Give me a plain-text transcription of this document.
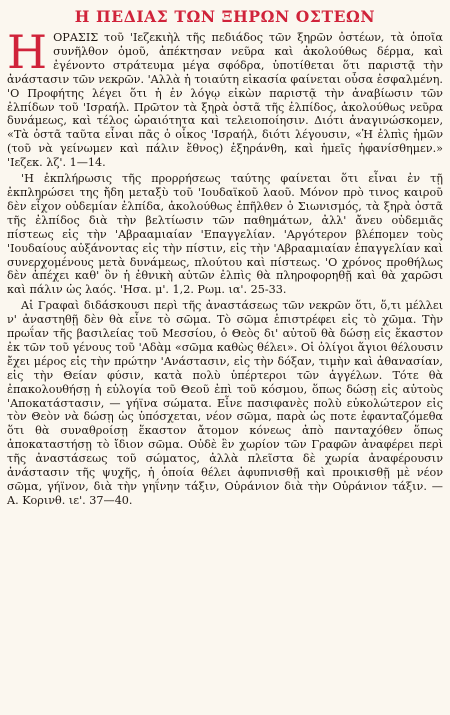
Η ΠΕΔΙΑΣ ΤΩΝ ΞΗΡΩΝ ΟΣΤΕΩΝ
Η ΟΡΑΣΙΣ τοῦ 'Ιεζεκιὴλ τῆς πεδιάδος τῶν ξηρῶν ὀστέων, τὰ ὁποῖα συνῆλθον ὁμοῦ, ἀπέκτησαν νεῦρα καὶ ἀκολούθως δέρμα, καὶ ἐγένοντο στράτευμα μέγα σφόδρα, ὑποτίθεται ὅτι παριστᾷ τὴν ἀνάστασιν τῶν νεκρῶν. 'Αλλὰ ἡ τοιαύτη εἰκασία φαίνεται οὖσα ἐσφαλμένη. 'Ο Προφήτης λέγει ὅτι ἡ ἐν λόγῳ εἰκὼν παριστᾷ τὴν ἀναβίωσιν τῶν ἐλπίδων τοῦ 'Ισραήλ. Πρῶτον τὰ ξηρὰ ὀστᾶ τῆς ἐλπίδος, ἀκολούθως νεῦρα δυνάμεως, καὶ τέλος ὡραιότητα καὶ τελειοποίησιν. Διότι ἀναγινώσκομεν, «Τὰ ὀστᾶ ταῦτα εἶναι πᾶς ὁ οἶκος 'Ισραήλ, διότι λέγουσιν, «Ἡ ἐλπὶς ἡμῶν (τοῦ νὰ γείνωμεν καὶ πάλιν ἔθνος) ἐξηράνθη, καὶ ἡμεῖς ἠφανίσθημεν.» 'Ιεζεκ. λζ'. 1—14.

'Η ἐκπλήρωσις τῆς προρρήσεως ταύτης φαίνεται ὅτι εἶναι ἐν τῇ ἐκπληρώσει της ἤδη μεταξὺ τοῦ 'Ιουδαϊκοῦ λαοῦ. Μόνον πρὸ τινος καιροῦ δὲν εἶχον οὐδεμίαν ἐλπίδα, ἀκολούθως ἐπῆλθεν ὁ Σιωνισμός, τὰ ξηρὰ ὀστᾶ τῆς ἐλπίδος διὰ τὴν βελτίωσιν τῶν παθημάτων, ἀλλ' ἄνευ οὐδεμιᾶς πίστεως εἰς τὴν 'Αβρααμιαίαν 'Επαγγελίαν. 'Αργότερον βλέπομεν τοὺς 'Ιουδαίους αὐξάνοντας εἰς τὴν πίστιν, εἰς τὴν 'Αβρααμιαίαν ἐπαγγελίαν καὶ συνερχομένους μετὰ δυνάμεως, πλούτου καὶ πίστεως. 'Ο χρόνος προθήλως δὲν ἀπέχει καθ' ὃν ἡ ἐθνικὴ αὐτῶν ἐλπὶς θὰ πληροφορηθῇ καὶ θὰ χαρῶσι καὶ πάλιν ὡς λαός. 'Ησα. μ'. 1,2. Ρωμ. ια'. 25-33.

Αἱ Γραφαὶ διδάσκουσι περὶ τῆς ἀναστάσεως τῶν νεκρῶν ὅτι, ὅ,τι μέλλει ν' ἀναστηθῇ δὲν θὰ εἶνε τὸ σῶμα. Τὸ σῶμα ἐπιστρέφει εἰς τὸ χῶμα. Τὴν πρωΐαν τῆς βασιλείας τοῦ Μεσσίου, ὁ Θεὸς δι' αὐτοῦ θὰ δώσῃ εἰς ἕκαστον ἐκ τῶν τοῦ γένους τοῦ 'Αδὰμ «σῶμα καθὼς θέλει». Οἱ ὀλίγοι ἅγιοι θέλουσιν ἔχει μέρος εἰς τὴν πρώτην 'Ανάστασιν, εἰς τὴν δόξαν, τιμὴν καὶ ἀθανασίαν, εἰς τὴν Θείαν φύσιν, κατὰ πολὺ ὑπέρτεροι τῶν ἀγγέλων. Τότε θὰ ἐπακολουθήσῃ ἡ εὐλογία τοῦ Θεοῦ ἐπὶ τοῦ κόσμου, ὅπως δώσῃ εἰς αὐτοὺς 'Αποκατάστασιν, — γήϊνα σώματα. Εἶνε πασιφανὲς πολὺ εὐκολώτερον εἰς τὸν Θεὸν νὰ δώσῃ ὡς ὑπόσχεται, νέον σῶμα, παρὰ ὡς ποτε ἐφανταζόμεθα ὅτι θὰ συναθροίσῃ ἕκαστον ἄτομον κόνεως ἀπὸ πανταχόθεν ὅπως ἀποκαταστήσῃ τὸ ἴδιον σῶμα. Οὐδὲ ἓν χωρίον τῶν Γραφῶν ἀναφέρει περὶ τῆς ἀναστάσεως τοῦ σώματος, ἀλλὰ πλεῖστα δὲ χωρία ἀναφέρουσιν ἀνάστασιν τῆς ψυχῆς, ἡ ὁποία θέλει ἀφυπνισθῇ καὶ προικισθῇ μὲ νέον σῶμα, γήϊνον, διὰ τὴν γηΐνην τάξιν, Οὐράνιον διὰ τὴν Οὐράνιον τάξιν. — Α. Κορινθ. ιε'. 37—40.
